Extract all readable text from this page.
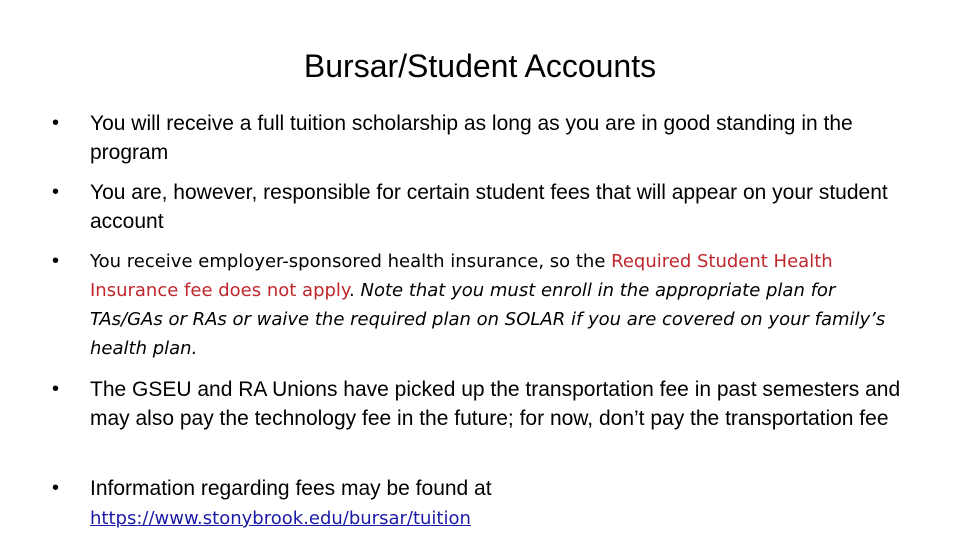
Bursar/Student Accounts
• You will receive a full tuition scholarship as long as you are in good standing in the program
• You are, however, responsible for certain student fees that will appear on your student account
• You receive employer-sponsored health insurance, so the Required Student Health Insurance fee does not apply. Note that you must enroll in the appropriate plan for TAs/GAs or RAs or waive the required plan on SOLAR if you are covered on your family’s health plan.
• The GSEU and RA Unions have picked up the transportation fee in past semesters and may also pay the technology fee in the future; for now, don’t pay the transportation fee
• Information regarding fees may be found at
https://www.stonybrook.edu/bursar/tuition
